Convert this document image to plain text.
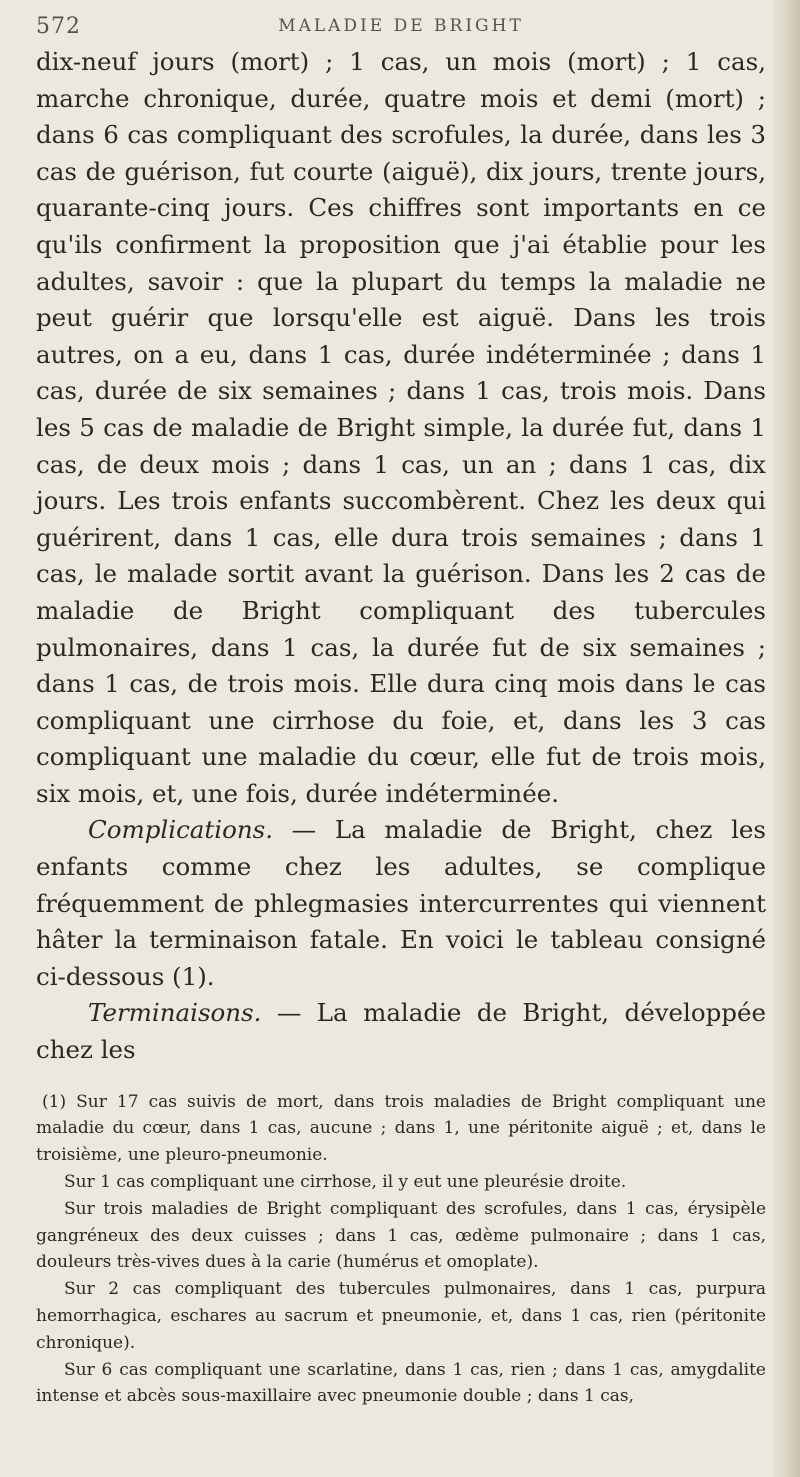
572	MALADIE DE BRIGHT

dix-neuf jours (mort) ; 1 cas, un mois (mort) ; 1 cas, marche chronique, durée, quatre mois et demi (mort) ; dans 6 cas compliquant des scrofules, la durée, dans les 3 cas de guérison, fut courte (aiguë), dix jours, trente jours, quarante-cinq jours. Ces chiffres sont importants en ce qu'ils confirment la proposition que j'ai établie pour les adultes, savoir : que la plupart du temps la maladie ne peut guérir que lorsqu'elle est aiguë. Dans les trois autres, on a eu, dans 1 cas, durée indéterminée ; dans 1 cas, durée de six semaines ; dans 1 cas, trois mois. Dans les 5 cas de maladie de Bright simple, la durée fut, dans 1 cas, de deux mois ; dans 1 cas, un an ; dans 1 cas, dix jours. Les trois enfants succombèrent. Chez les deux qui guérirent, dans 1 cas, elle dura trois semaines ; dans 1 cas, le malade sortit avant la guérison. Dans les 2 cas de maladie de Bright compliquant des tubercules pulmonaires, dans 1 cas, la durée fut de six semaines ; dans 1 cas, de trois mois. Elle dura cinq mois dans le cas compliquant une cirrhose du foie, et, dans les 3 cas compliquant une maladie du cœur, elle fut de trois mois, six mois, et, une fois, durée indéterminée.

Complications. — La maladie de Bright, chez les enfants comme chez les adultes, se complique fréquemment de phlegmasies intercurrentes qui viennent hâter la terminaison fatale. En voici le tableau consigné ci-dessous (1).

Terminaisons. — La maladie de Bright, développée chez les

(1) Sur 17 cas suivis de mort, dans trois maladies de Bright compliquant une maladie du cœur, dans 1 cas, aucune ; dans 1, une péritonite aiguë ; et, dans le troisième, une pleuro-pneumonie.

Sur 1 cas compliquant une cirrhose, il y eut une pleurésie droite.

Sur trois maladies de Bright compliquant des scrofules, dans 1 cas, érysipèle gangréneux des deux cuisses ; dans 1 cas, œdème pulmonaire ; dans 1 cas, douleurs très-vives dues à la carie (humérus et omoplate).

Sur 2 cas compliquant des tubercules pulmonaires, dans 1 cas, purpura hemorrhagica, eschares au sacrum et pneumonie, et, dans 1 cas, rien (péritonite chronique).

Sur 6 cas compliquant une scarlatine, dans 1 cas, rien ; dans 1 cas, amygdalite intense et abcès sous-maxillaire avec pneumonie double ; dans 1 cas,
